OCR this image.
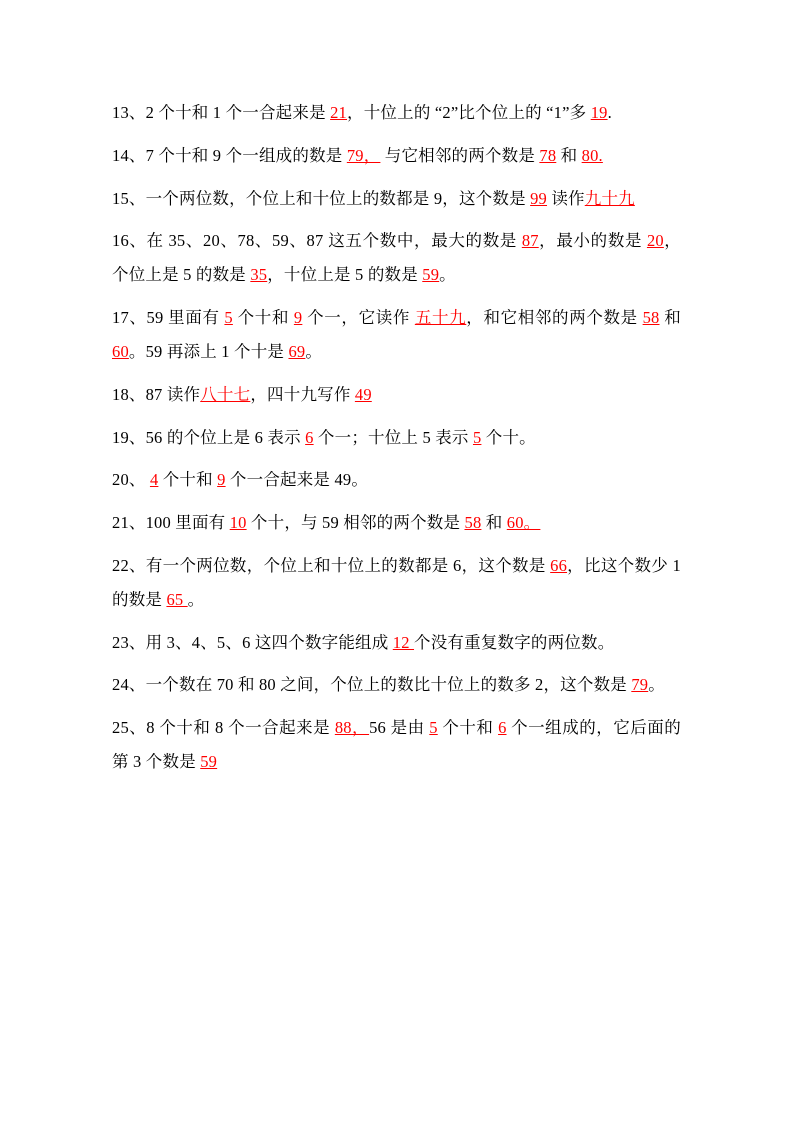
13、2 个十和 1 个一合起来是 21，十位上的 “2”比个位上的 “1”多 19.

14、7 个十和 9 个一组成的数是 79， 与它相邻的两个数是 78 和 80.

15、一个两位数，个位上和十位上的数都是 9，这个数是 99 读作九十九

16、在 35、20、78、59、87 这五个数中，最大的数是 87，最小的数是 20，个位上是 5 的数是 35，十位上是 5 的数是 59。

17、59 里面有 5 个十和 9 个一，它读作 五十九，和它相邻的两个数是 58 和 60。59 再添上 1 个十是 69。

18、87 读作八十七，四十九写作 49

19、56 的个位上是 6 表示 6 个一；十位上 5 表示 5 个十。

20、 4 个十和 9 个一合起来是 49。

21、100 里面有 10 个十，与 59 相邻的两个数是 58 和 60。

22、有一个两位数，个位上和十位上的数都是 6，这个数是 66，比这个数少 1 的数是 65 。

23、用 3、4、5、6 这四个数字能组成 12 个没有重复数字的两位数。

24、一个数在 70 和 80 之间，个位上的数比十位上的数多 2，这个数是 79。

25、8 个十和 8 个一合起来是 88，56 是由 5 个十和 6 个一组成的，它后面的第 3 个数是 59
